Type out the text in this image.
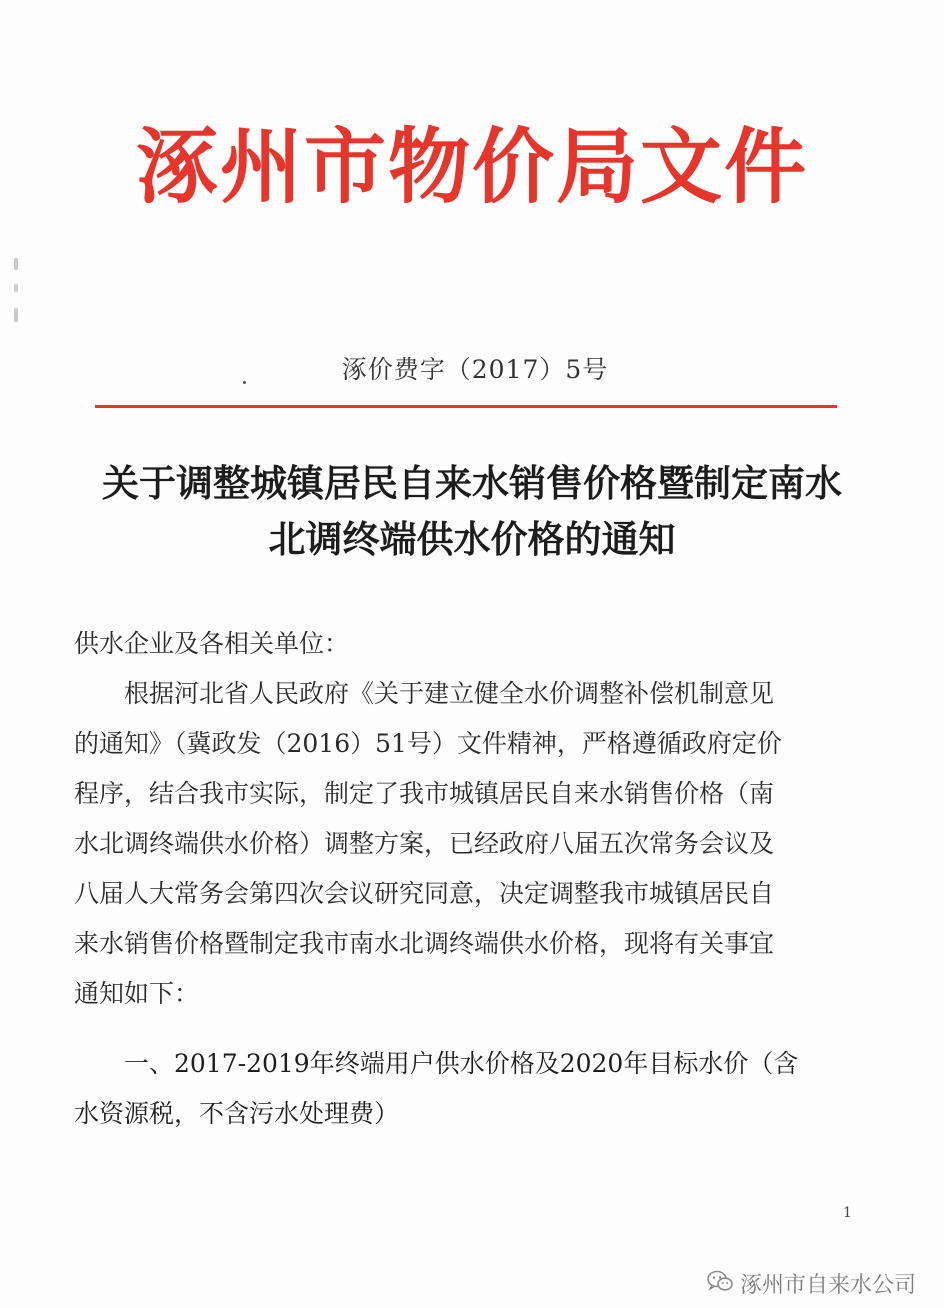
涿州市物价局文件
涿价费字（2017）5号
关于调整城镇居民自来水销售价格暨制定南水
北调终端供水价格的通知
供水企业及各相关单位：
根据河北省人民政府《关于建立健全水价调整补偿机制意见
的通知》（冀政发（2016）51号）文件精神，严格遵循政府定价
程序，结合我市实际，制定了我市城镇居民自来水销售价格（南
水北调终端供水价格）调整方案，已经政府八届五次常务会议及
八届人大常务会第四次会议研究同意，决定调整我市城镇居民自
来水销售价格暨制定我市南水北调终端供水价格，现将有关事宜
通知如下：
一、2017-2019年终端用户供水价格及2020年目标水价（含
水资源税，不含污水处理费）
1
涿州市自来水公司
